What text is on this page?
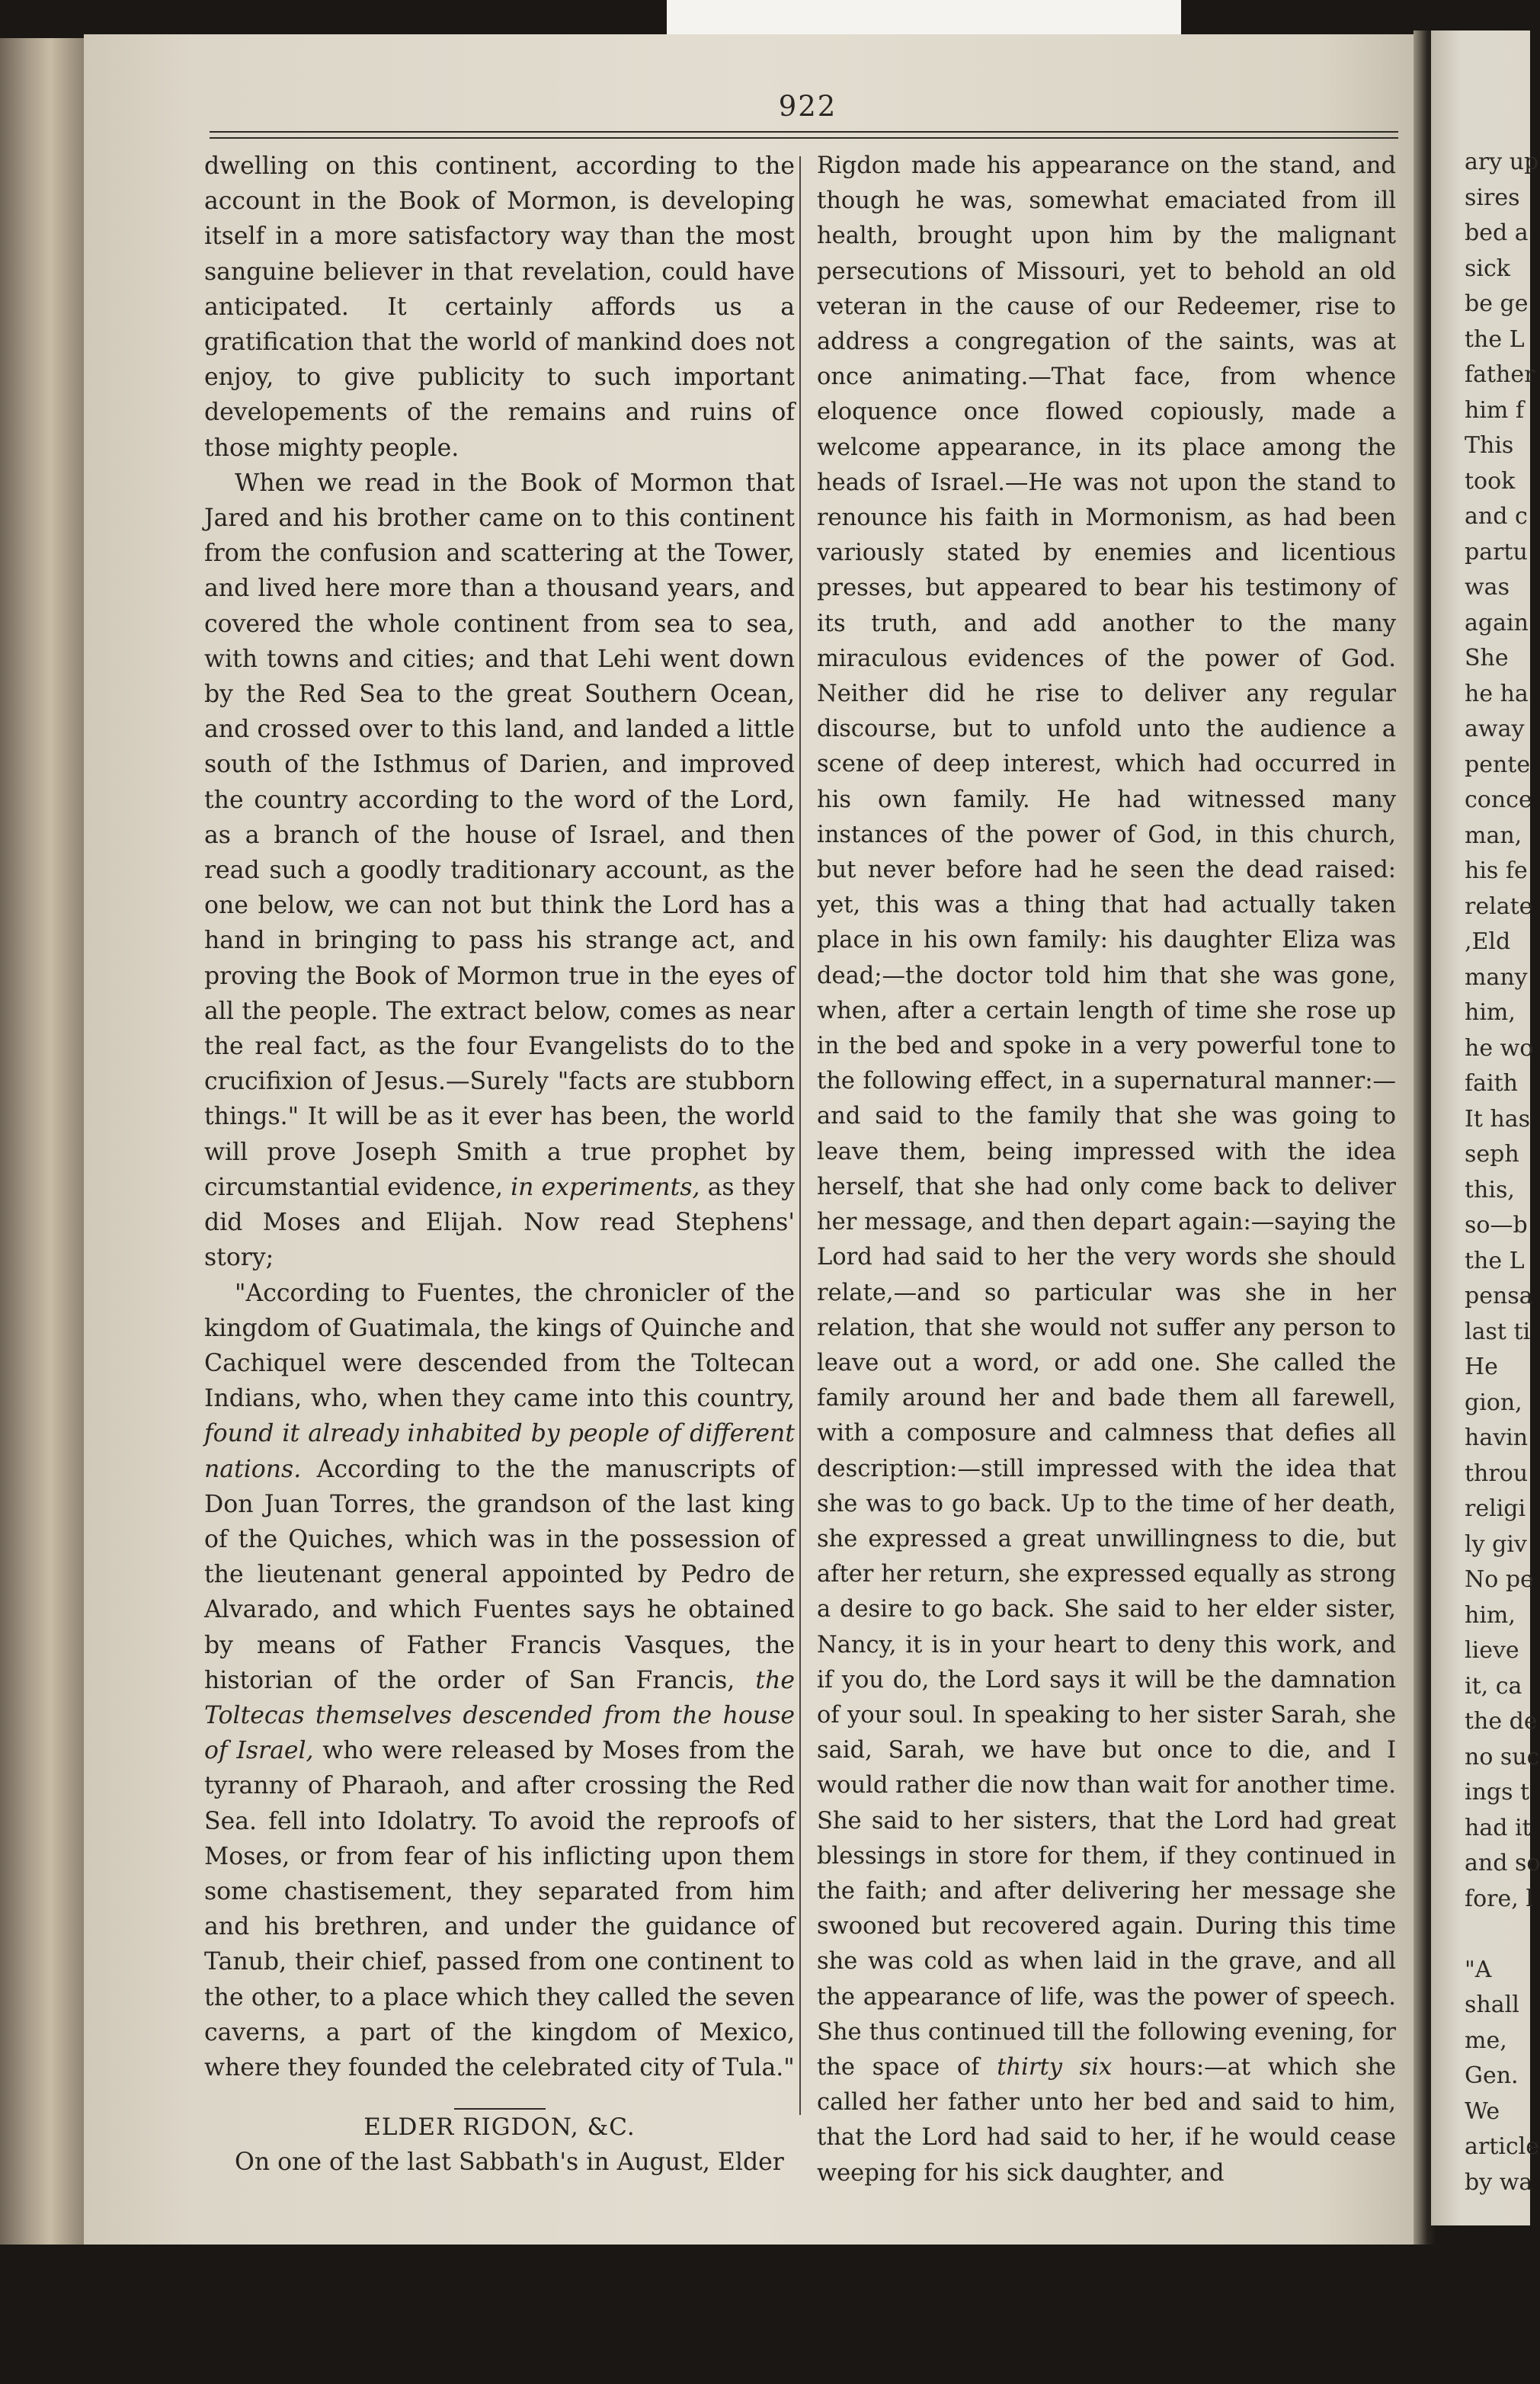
922

dwelling on this continent, according to the account in the Book of Mormon, is developing itself in a more satisfactory way than the most sanguine believer in that revelation, could have anticipated. It certainly affords us a gratification that the world of mankind does not enjoy, to give publicity to such important developements of the remains and ruins of those mighty people.

When we read in the Book of Mormon that Jared and his brother came on to this continent from the confusion and scattering at the Tower, and lived here more than a thousand years, and covered the whole continent from sea to sea, with towns and cities; and that Lehi went down by the Red Sea to the great Southern Ocean, and crossed over to this land, and landed a little south of the Isthmus of Darien, and improved the country according to the word of the Lord, as a branch of the house of Israel, and then read such a goodly traditionary account, as the one below, we can not but think the Lord has a hand in bringing to pass his strange act, and proving the Book of Mormon true in the eyes of all the people. The extract below, comes as near the real fact, as the four Evangelists do to the crucifixion of Jesus.—Surely "facts are stubborn things." It will be as it ever has been, the world will prove Joseph Smith a true prophet by circumstantial evidence, in experiments, as they did Moses and Elijah. Now read Stephens' story;

"According to Fuentes, the chronicler of the kingdom of Guatimala, the kings of Quinche and Cachiquel were descended from the Toltecan Indians, who, when they came into this country, found it already inhabited by people of different nations. According to the the manuscripts of Don Juan Torres, the grandson of the last king of the Quiches, which was in the possession of the lieutenant general appointed by Pedro de Alvarado, and which Fuentes says he obtained by means of Father Francis Vasques, the historian of the order of San Francis, the Toltecas themselves descended from the house of Israel, who were released by Moses from the tyranny of Pharaoh, and after crossing the Red Sea. fell into Idolatry. To avoid the reproofs of Moses, or from fear of his inflicting upon them some chastisement, they separated from him and his brethren, and under the guidance of Tanub, their chief, passed from one continent to the other, to a place which they called the seven caverns, a part of the kingdom of Mexico, where they founded the celebrated city of Tula."

ELDER RIGDON, &C.

On one of the last Sabbath's in August, Elder

Rigdon made his appearance on the stand, and though he was, somewhat emaciated from ill health, brought upon him by the malignant persecutions of Missouri, yet to behold an old veteran in the cause of our Redeemer, rise to address a congregation of the saints, was at once animating.—That face, from whence eloquence once flowed copiously, made a welcome appearance, in its place among the heads of Israel.—He was not upon the stand to renounce his faith in Mormonism, as had been variously stated by enemies and licentious presses, but appeared to bear his testimony of its truth, and add another to the many miraculous evidences of the power of God. Neither did he rise to deliver any regular discourse, but to unfold unto the audience a scene of deep interest, which had occurred in his own family. He had witnessed many instances of the power of God, in this church, but never before had he seen the dead raised: yet, this was a thing that had actually taken place in his own family: his daughter Eliza was dead;—the doctor told him that she was gone, when, after a certain length of time she rose up in the bed and spoke in a very powerful tone to the following effect, in a supernatural manner:—and said to the family that she was going to leave them, being impressed with the idea herself, that she had only come back to deliver her message, and then depart again:—saying the Lord had said to her the very words she should relate,—and so particular was she in her relation, that she would not suffer any person to leave out a word, or add one. She called the family around her and bade them all farewell, with a composure and calmness that defies all description:—still impressed with the idea that she was to go back. Up to the time of her death, she expressed a great unwillingness to die, but after her return, she expressed equally as strong a desire to go back. She said to her elder sister, Nancy, it is in your heart to deny this work, and if you do, the Lord says it will be the damnation of your soul. In speaking to her sister Sarah, she said, Sarah, we have but once to die, and I would rather die now than wait for another time. She said to her sisters, that the Lord had great blessings in store for them, if they continued in the faith; and after delivering her message she swooned but recovered again. During this time she was cold as when laid in the grave, and all the appearance of life, was the power of speech. She thus continued till the following evening, for the space of thirty six hours:—at which she called her father unto her bed and said to him, that the Lord had said to her, if he would cease weeping for his sick daughter, and

ary up
sires
bed a
sick
be ge
the L
father
him f
This
took
and c
partu
was
again
She
he ha
away
pente
conce
man,
his fe
relate
,Eld
many
him,
he wo
faith
It has
seph
this,
so—b
the L
pensa
last ti
He
gion,
havin
throu
religi
ly giv
No pe
him,
lieve
it, ca
the de
no suc
ings t
had it
and so
fore, l
"A
shall
me,
Gen.
We
article
by wa
